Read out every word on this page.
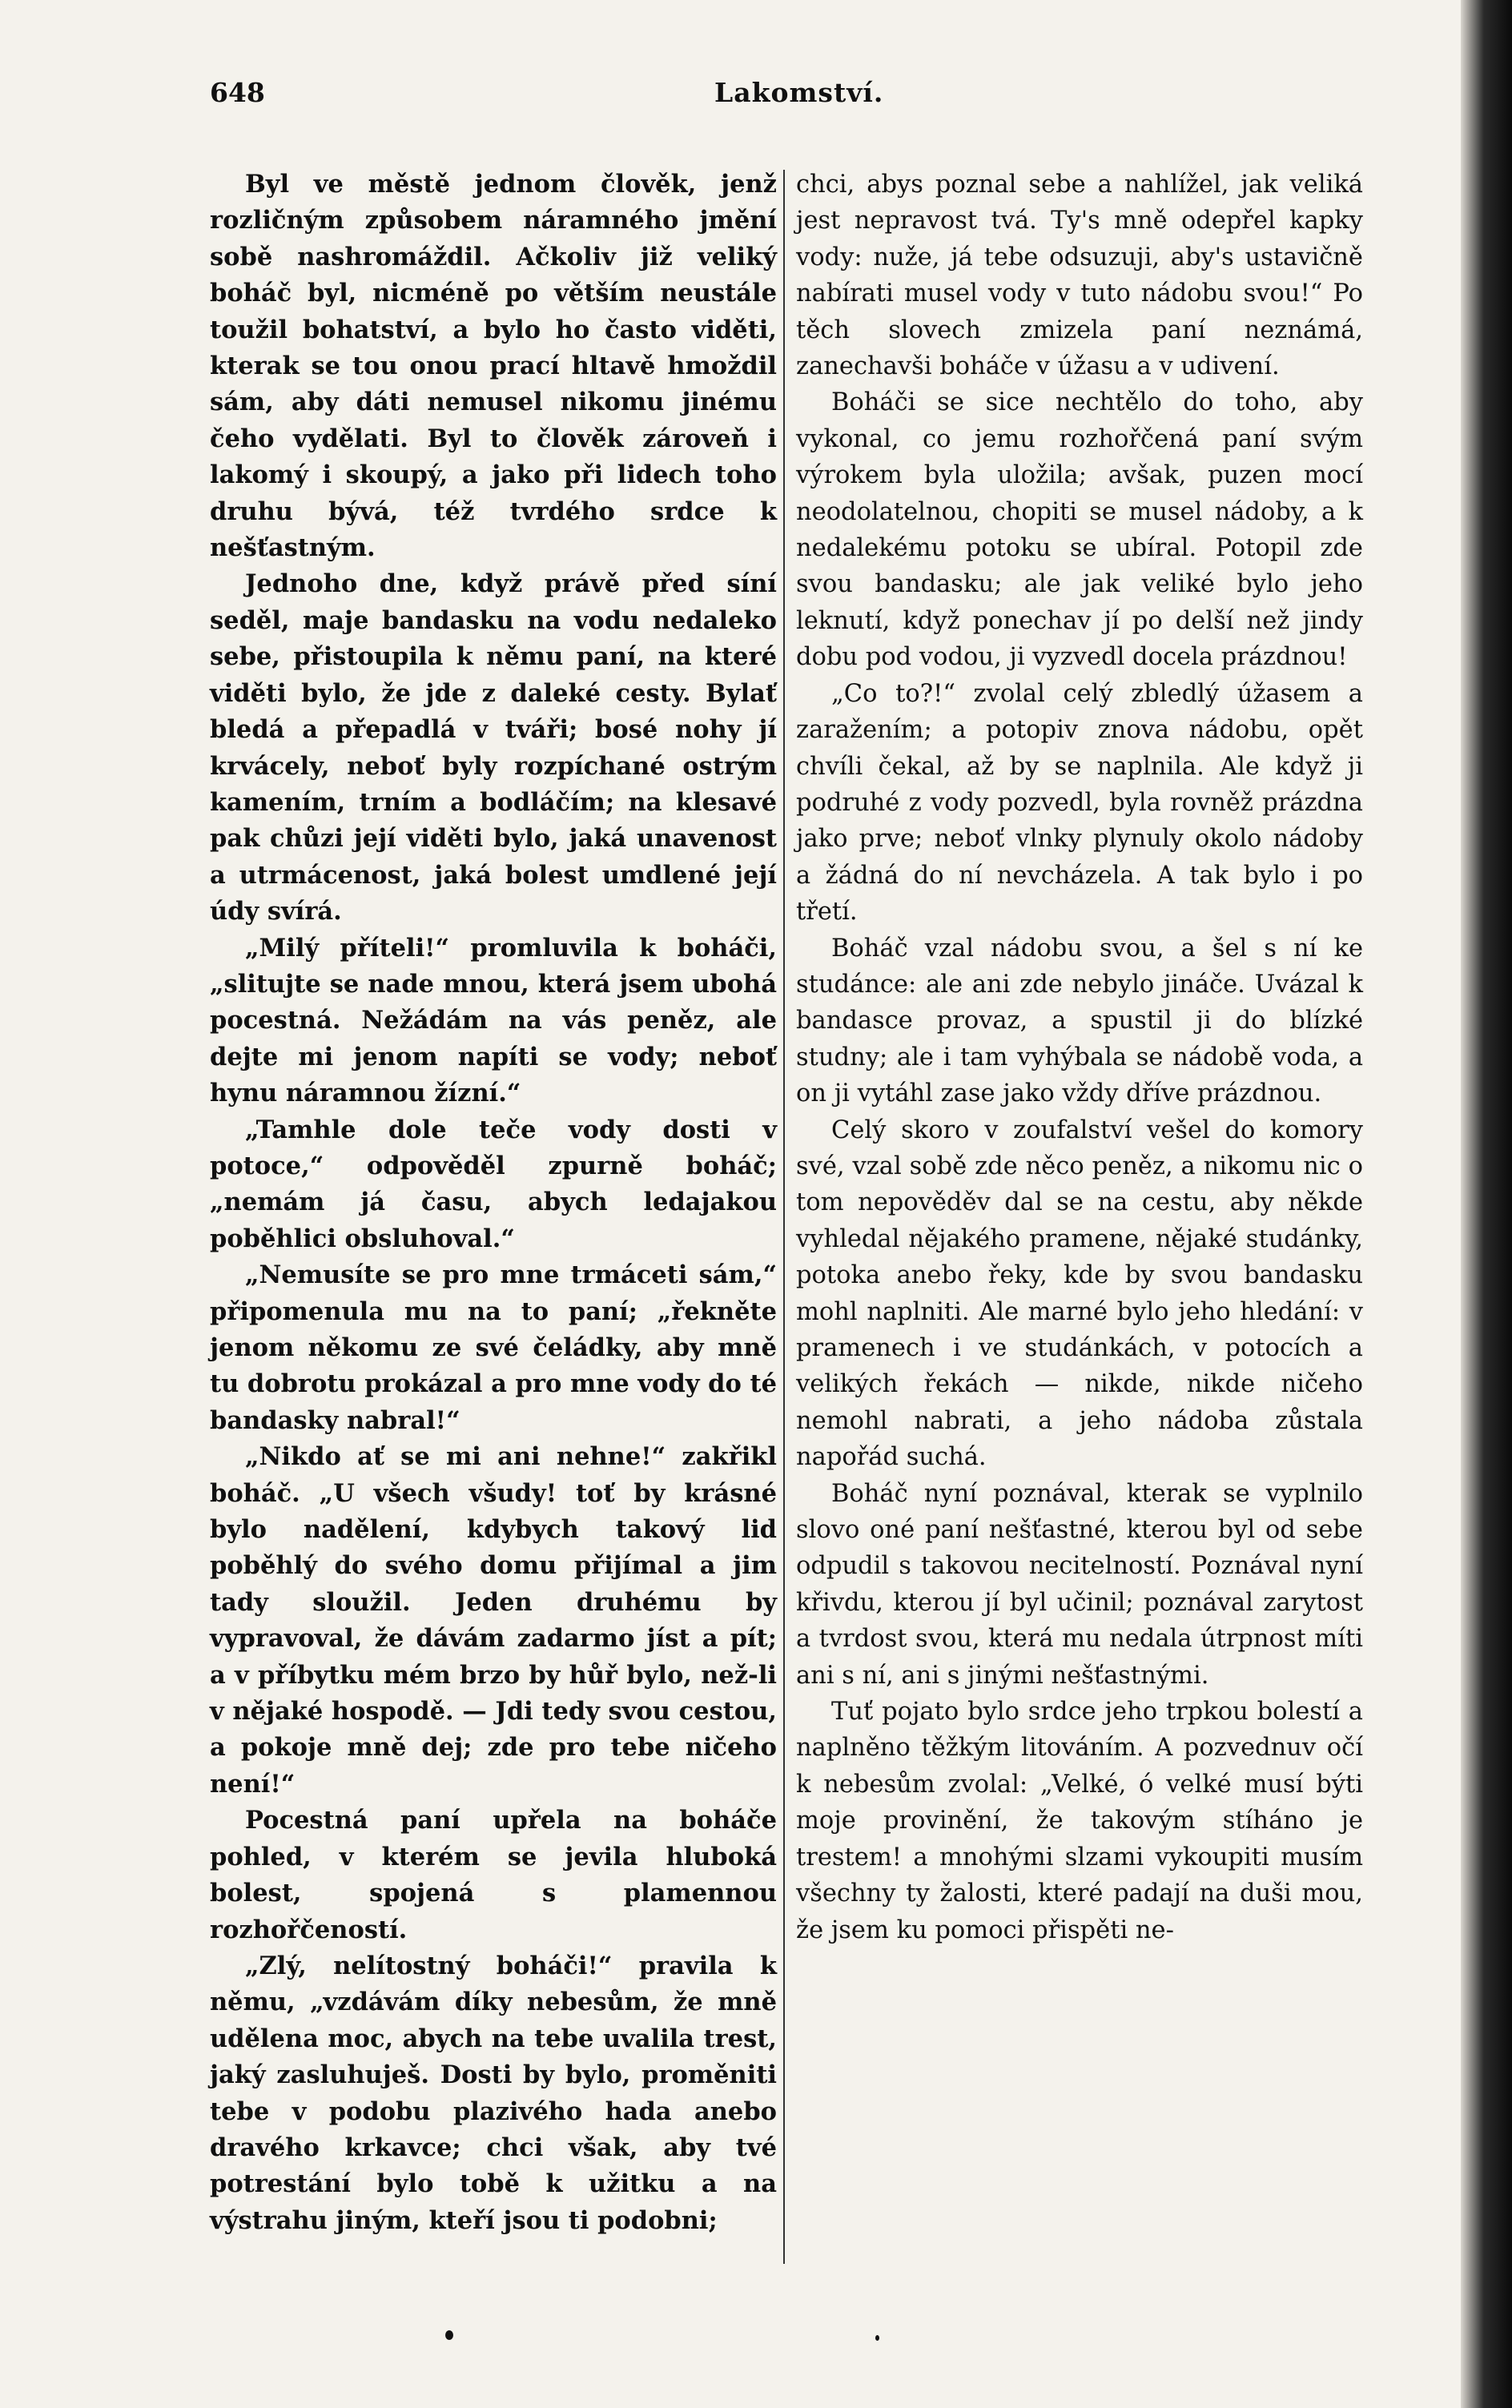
648	Lakomství.

Byl ve městě jednom člověk, jenž rozličným způsobem náramného jmění sobě nashromáždil. Ačkoliv již veliký boháč byl, nicméně po větším neustále toužil bohatství, a bylo ho často viděti, kterak se tou onou prací hltavě hmoždil sám, aby dáti nemusel nikomu jinému čeho vydělati. Byl to člověk zároveň i lakomý i skoupý, a jako při lidech toho druhu bývá, též tvrdého srdce k nešťastným.

Jednoho dne, když právě před síní seděl, maje bandasku na vodu nedaleko sebe, přistoupila k němu paní, na které viděti bylo, že jde z daleké cesty. Bylať bledá a přepadlá v tváři; bosé nohy jí krvácely, neboť byly rozpíchané ostrým kamením, trním a bodláčím; na klesavé pak chůzi její viděti bylo, jaká unavenost a utrmácenost, jaká bolest umdlené její údy svírá.

„Milý příteli!“ promluvila k boháči, „slitujte se nade mnou, která jsem ubohá pocestná. Nežádám na vás peněz, ale dejte mi jenom napíti se vody; neboť hynu náramnou žízní.“

„Tamhle dole teče vody dosti v potoce,“ odpověděl zpurně boháč; „nemám já času, abych ledajakou poběhlici obsluhoval.“

„Nemusíte se pro mne trmáceti sám,“ připomenula mu na to paní; „řekněte jenom někomu ze své čeládky, aby mně tu dobrotu prokázal a pro mne vody do té bandasky nabral!“

„Nikdo ať se mi ani nehne!“ zakřikl boháč. „U všech všudy! toť by krásné bylo nadělení, kdybych takový lid poběhlý do svého domu přijímal a jim tady sloužil. Jeden druhému by vypravoval, že dávám zadarmo jíst a pít; a v příbytku mém brzo by hůř bylo, než-li v nějaké hospodě. — Jdi tedy svou cestou, a pokoje mně dej; zde pro tebe ničeho není!“

Pocestná paní upřela na boháče pohled, v kterém se jevila hluboká bolest, spojená s plamennou rozhořčeností.

„Zlý, nelítostný boháči!“ pravila k němu, „vzdávám díky nebesům, že mně udělena moc, abych na tebe uvalila trest, jaký zasluhuješ. Dosti by bylo, proměniti tebe v podobu plazivého hada anebo dravého krkavce; chci však, aby tvé potrestání bylo tobě k užitku a na výstrahu jiným, kteří jsou ti podobni;

chci, abys poznal sebe a nahlížel, jak veliká jest nepravost tvá. Ty's mně odepřel kapky vody: nuže, já tebe odsuzuji, aby's ustavičně nabírati musel vody v tuto nádobu svou!“ Po těch slovech zmizela paní neznámá, zanechavši boháče v úžasu a v udivení.

Boháči se sice nechtělo do toho, aby vykonal, co jemu rozhořčená paní svým výrokem byla uložila; avšak, puzen mocí neodolatelnou, chopiti se musel nádoby, a k nedalekému potoku se ubíral. Potopil zde svou bandasku; ale jak veliké bylo jeho leknutí, když ponechav jí po delší než jindy dobu pod vodou, ji vyzvedl docela prázdnou!

„Co to?!“ zvolal celý zbledlý úžasem a zaražením; a potopiv znova nádobu, opět chvíli čekal, až by se naplnila. Ale když ji podruhé z vody pozvedl, byla rovněž prázdna jako prve; neboť vlnky plynuly okolo nádoby a žádná do ní nevcházela. A tak bylo i po třetí.

Boháč vzal nádobu svou, a šel s ní ke studánce: ale ani zde nebylo jináče. Uvázal k bandasce provaz, a spustil ji do blízké studny; ale i tam vyhýbala se nádobě voda, a on ji vytáhl zase jako vždy dříve prázdnou.

Celý skoro v zoufalství vešel do komory své, vzal sobě zde něco peněz, a nikomu nic o tom nepověděv dal se na cestu, aby někde vyhledal nějakého pramene, nějaké studánky, potoka anebo řeky, kde by svou bandasku mohl naplniti. Ale marné bylo jeho hledání: v pramenech i ve studánkách, v potocích a velikých řekách — nikde, nikde ničeho nemohl nabrati, a jeho nádoba zůstala napořád suchá.

Boháč nyní poznával, kterak se vyplnilo slovo oné paní nešťastné, kterou byl od sebe odpudil s takovou necitelností. Poznával nyní křivdu, kterou jí byl učinil; poznával zarytost a tvrdost svou, která mu nedala útrpnost míti ani s ní, ani s jinými nešťastnými.

Tuť pojato bylo srdce jeho trpkou bolestí a naplněno těžkým litováním. A pozvednuv očí k nebesům zvolal: „Velké, ó velké musí býti moje provinění, že takovým stíháno je trestem! a mnohými slzami vykoupiti musím všechny ty žalosti, které padají na duši mou, že jsem ku pomoci přispěti ne-
